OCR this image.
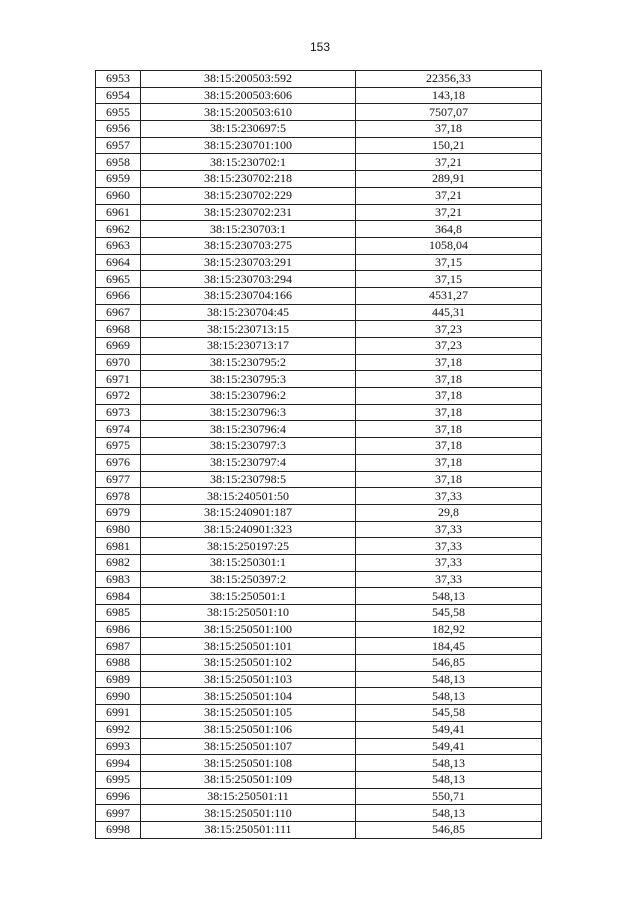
153
6953	38:15:200503:592	22356,33
6954	38:15:200503:606	143,18
6955	38:15:200503:610	7507,07
6956	38:15:230697:5	37,18
6957	38:15:230701:100	150,21
6958	38:15:230702:1	37,21
6959	38:15:230702:218	289,91
6960	38:15:230702:229	37,21
6961	38:15:230702:231	37,21
6962	38:15:230703:1	364,8
6963	38:15:230703:275	1058,04
6964	38:15:230703:291	37,15
6965	38:15:230703:294	37,15
6966	38:15:230704:166	4531,27
6967	38:15:230704:45	445,31
6968	38:15:230713:15	37,23
6969	38:15:230713:17	37,23
6970	38:15:230795:2	37,18
6971	38:15:230795:3	37,18
6972	38:15:230796:2	37,18
6973	38:15:230796:3	37,18
6974	38:15:230796:4	37,18
6975	38:15:230797:3	37,18
6976	38:15:230797:4	37,18
6977	38:15:230798:5	37,18
6978	38:15:240501:50	37,33
6979	38:15:240901:187	29,8
6980	38:15:240901:323	37,33
6981	38:15:250197:25	37,33
6982	38:15:250301:1	37,33
6983	38:15:250397:2	37,33
6984	38:15:250501:1	548,13
6985	38:15:250501:10	545,58
6986	38:15:250501:100	182,92
6987	38:15:250501:101	184,45
6988	38:15:250501:102	546,85
6989	38:15:250501:103	548,13
6990	38:15:250501:104	548,13
6991	38:15:250501:105	545,58
6992	38:15:250501:106	549,41
6993	38:15:250501:107	549,41
6994	38:15:250501:108	548,13
6995	38:15:250501:109	548,13
6996	38:15:250501:11	550,71
6997	38:15:250501:110	548,13
6998	38:15:250501:111	546,85
